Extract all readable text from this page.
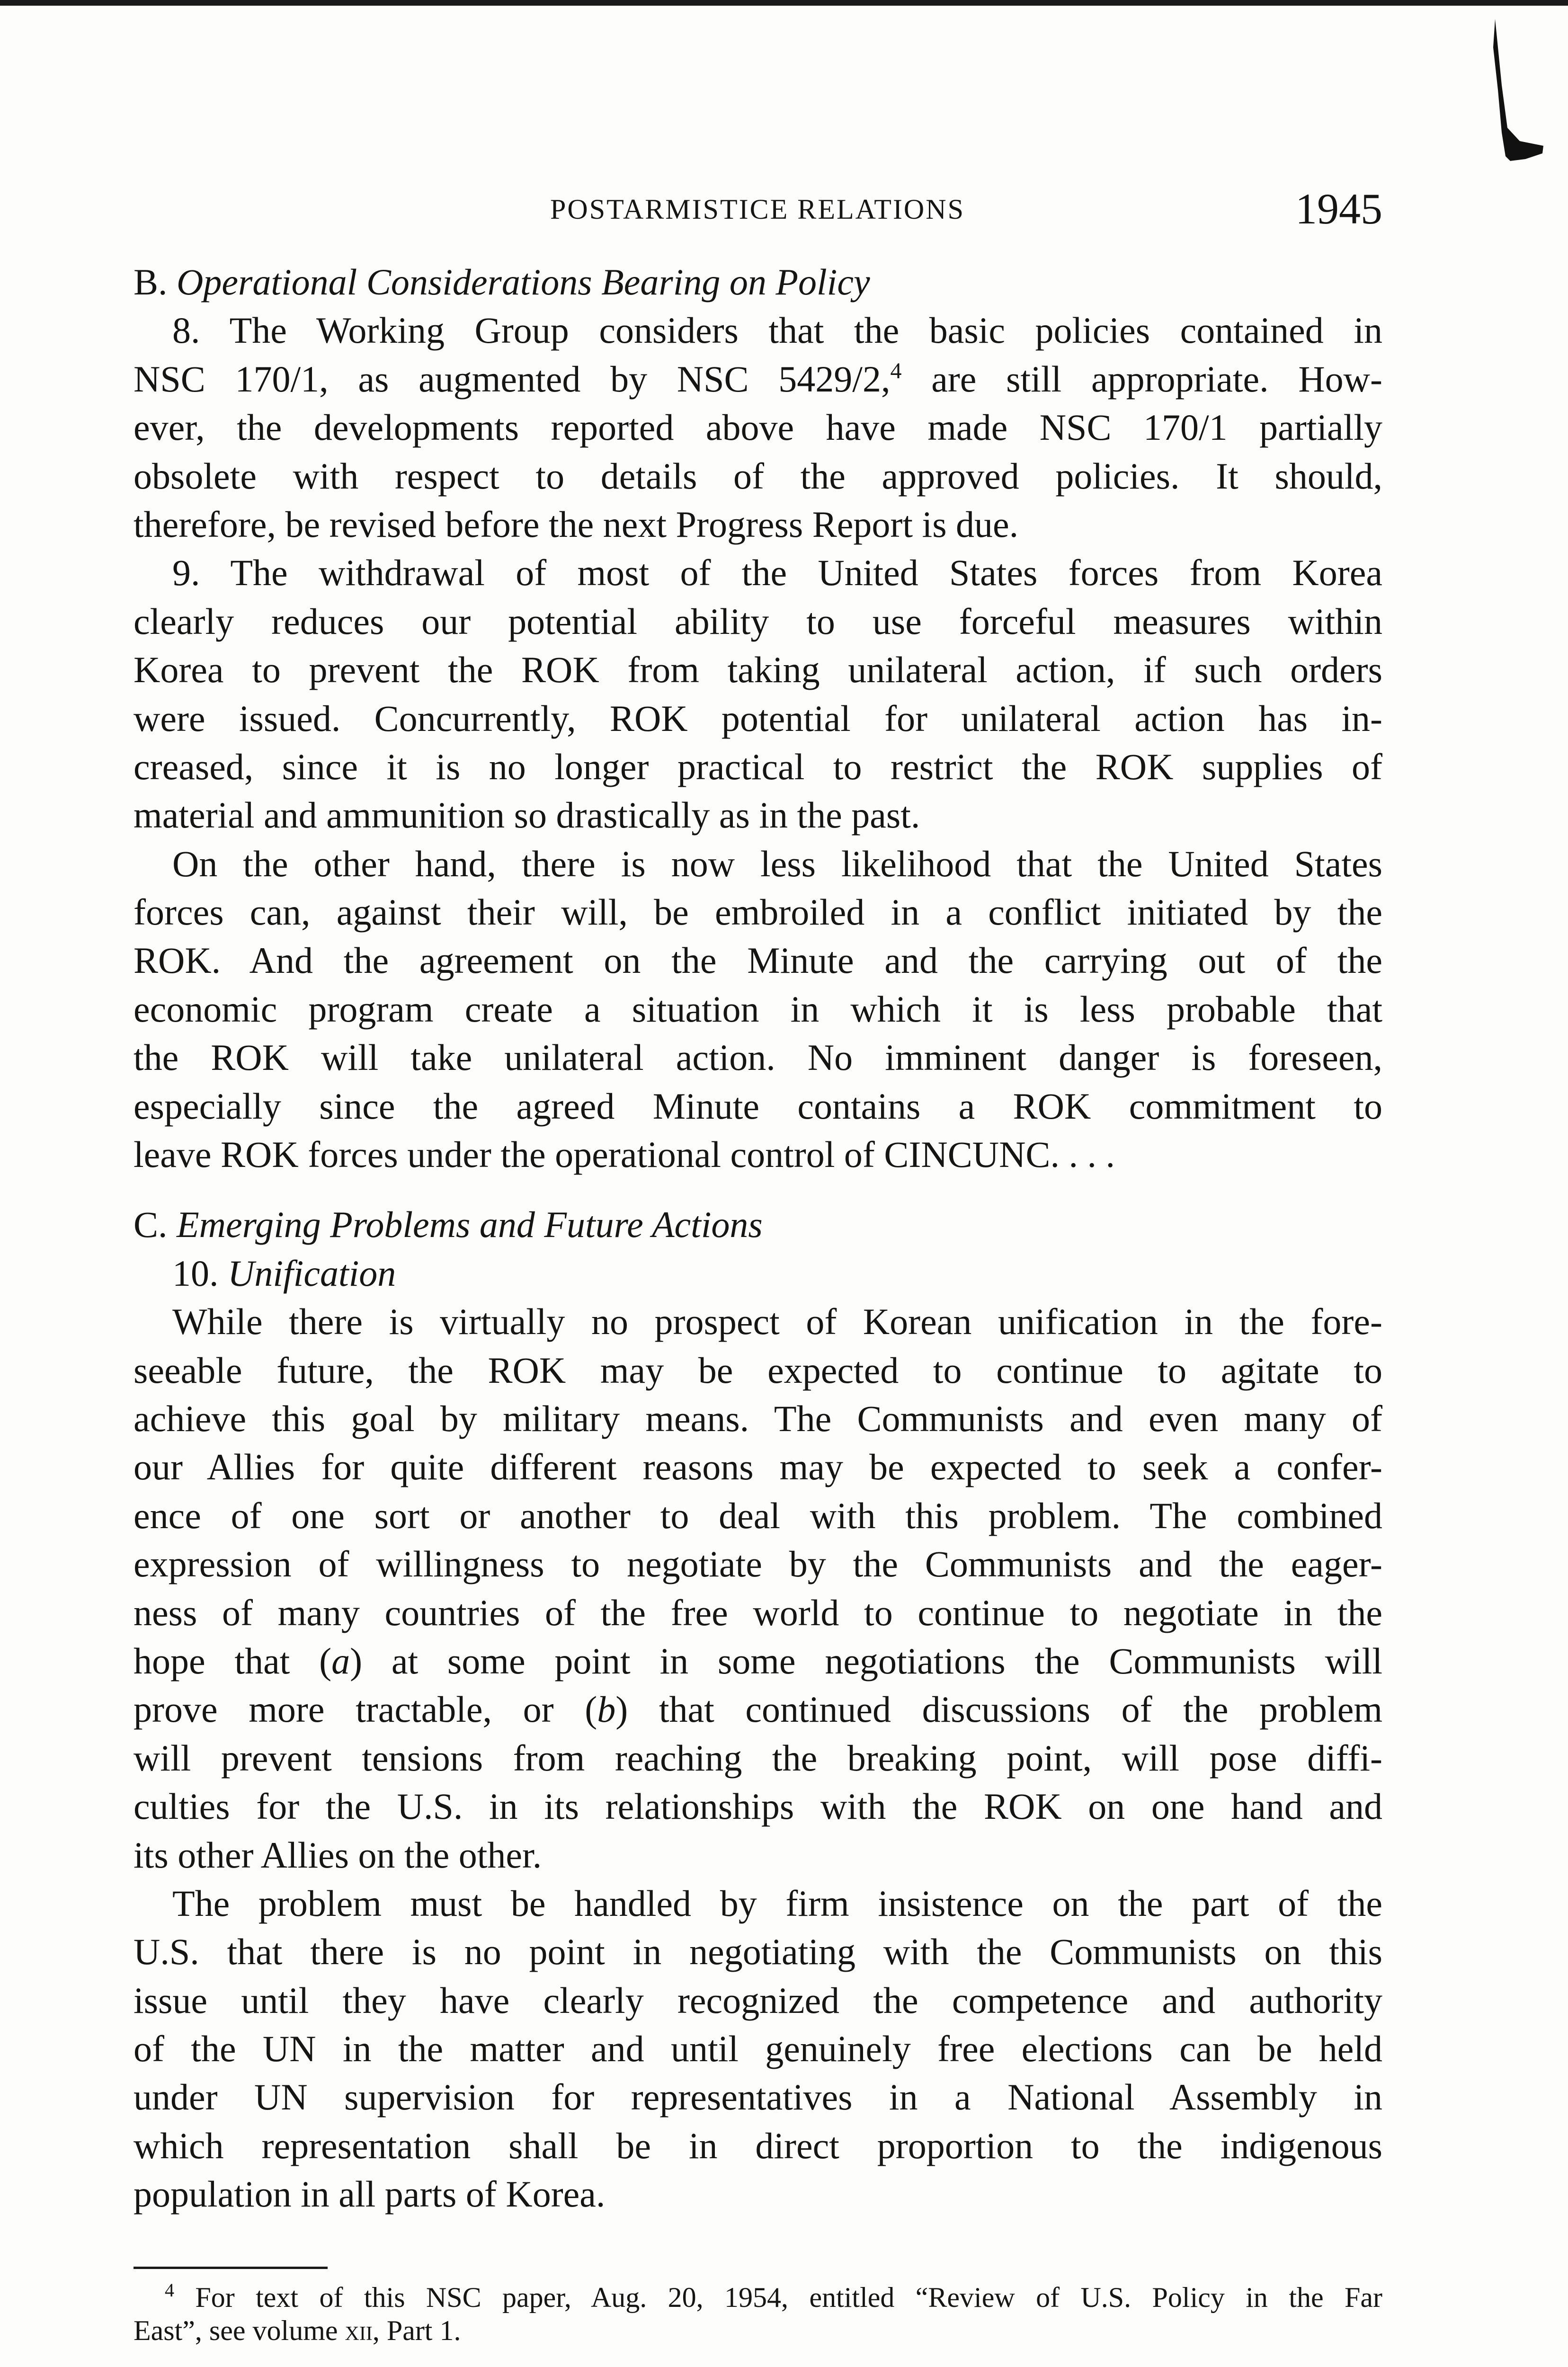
POSTARMISTICE RELATIONS	1945
B. Operational Considerations Bearing on Policy
8. The Working Group considers that the basic policies contained in
NSC 170/1, as augmented by NSC 5429/2,$^4$ are still appropriate. How-
ever, the developments reported above have made NSC 170/1 partially
obsolete with respect to details of the approved policies. It should,
therefore, be revised before the next Progress Report is due.
9. The withdrawal of most of the United States forces from Korea
clearly reduces our potential ability to use forceful measures within
Korea to prevent the ROK from taking unilateral action, if such orders
were issued. Concurrently, ROK potential for unilateral action has in-
creased, since it is no longer practical to restrict the ROK supplies of
material and ammunition so drastically as in the past.
On the other hand, there is now less likelihood that the United States
forces can, against their will, be embroiled in a conflict initiated by the
ROK. And the agreement on the Minute and the carrying out of the
economic program create a situation in which it is less probable that
the ROK will take unilateral action. No imminent danger is foreseen,
especially since the agreed Minute contains a ROK commitment to
leave ROK forces under the operational control of CINCUNC. . . .
C. Emerging Problems and Future Actions
10. Unification
While there is virtually no prospect of Korean unification in the fore-
seeable future, the ROK may be expected to continue to agitate to
achieve this goal by military means. The Communists and even many of
our Allies for quite different reasons may be expected to seek a confer-
ence of one sort or another to deal with this problem. The combined
expression of willingness to negotiate by the Communists and the eager-
ness of many countries of the free world to continue to negotiate in the
hope that (a) at some point in some negotiations the Communists will
prove more tractable, or (b) that continued discussions of the problem
will prevent tensions from reaching the breaking point, will pose diffi-
culties for the U.S. in its relationships with the ROK on one hand and
its other Allies on the other.
The problem must be handled by firm insistence on the part of the
U.S. that there is no point in negotiating with the Communists on this
issue until they have clearly recognized the competence and authority
of the UN in the matter and until genuinely free elections can be held
under UN supervision for representatives in a National Assembly in
which representation shall be in direct proportion to the indigenous
population in all parts of Korea.
$^4$ For text of this NSC paper, Aug. 20, 1954, entitled “Review of U.S. Policy in the Far
East”, see volume xii, Part 1.
